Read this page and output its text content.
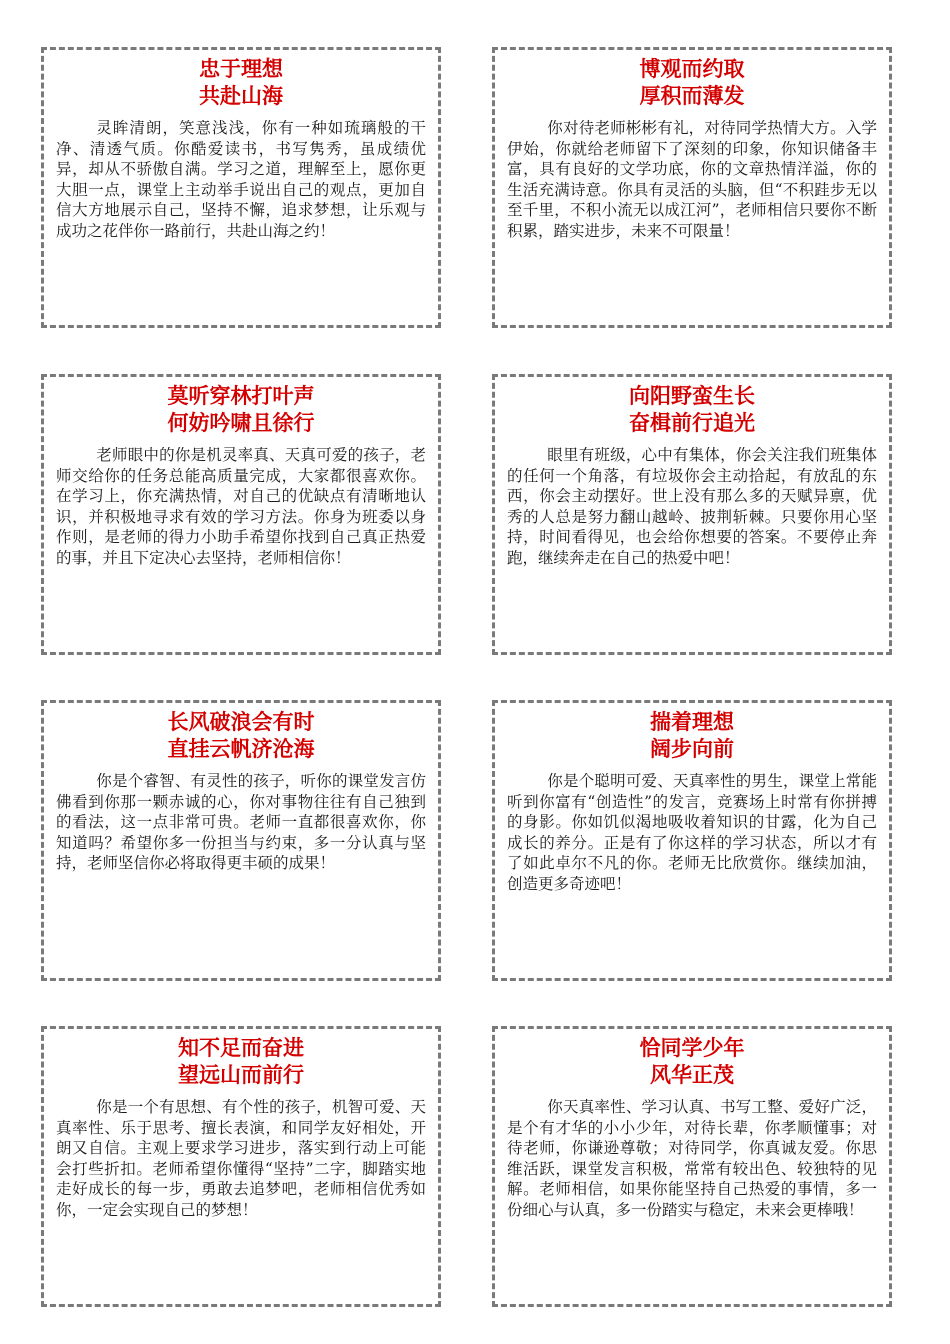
忠于理想
共赴山海

灵眸清朗，笑意浅浅，你有一种如琉璃般的干净、清透气质。你酷爱读书，书写隽秀，虽成绩优异，却从不骄傲自满。学习之道，理解至上，愿你更大胆一点，课堂上主动举手说出自己的观点，更加自信大方地展示自己，坚持不懈，追求梦想，让乐观与成功之花伴你一路前行，共赴山海之约！

博观而约取
厚积而薄发

你对待老师彬彬有礼，对待同学热情大方。入学伊始，你就给老师留下了深刻的印象，你知识储备丰富，具有良好的文学功底，你的文章热情洋溢，你的生活充满诗意。你具有灵活的头脑，但“不积跬步无以至千里，不积小流无以成江河”，老师相信只要你不断积累，踏实进步，未来不可限量！

莫听穿林打叶声
何妨吟啸且徐行

老师眼中的你是机灵率真、天真可爱的孩子，老师交给你的任务总能高质量完成，大家都很喜欢你。在学习上，你充满热情，对自己的优缺点有清晰地认识，并积极地寻求有效的学习方法。你身为班委以身作则，是老师的得力小助手希望你找到自己真正热爱的事，并且下定决心去坚持，老师相信你！

向阳野蛮生长
奋楫前行追光

眼里有班级，心中有集体，你会关注我们班集体的任何一个角落，有垃圾你会主动拾起，有放乱的东西，你会主动摆好。世上没有那么多的天赋异禀，优秀的人总是努力翻山越岭、披荆斩棘。只要你用心坚持，时间看得见，也会给你想要的答案。不要停止奔跑，继续奔走在自己的热爱中吧！

长风破浪会有时
直挂云帆济沧海

你是个睿智、有灵性的孩子，听你的课堂发言仿佛看到你那一颗赤诚的心，你对事物往往有自己独到的看法，这一点非常可贵。老师一直都很喜欢你，你知道吗？希望你多一份担当与约束，多一分认真与坚持，老师坚信你必将取得更丰硕的成果！

揣着理想
阔步向前

你是个聪明可爱、天真率性的男生，课堂上常能听到你富有“创造性”的发言，竞赛场上时常有你拼搏的身影。你如饥似渴地吸收着知识的甘露，化为自己成长的养分。正是有了你这样的学习状态，所以才有了如此卓尔不凡的你。老师无比欣赏你。继续加油，创造更多奇迹吧！

知不足而奋进
望远山而前行

你是一个有思想、有个性的孩子，机智可爱、天真率性、乐于思考、擅长表演，和同学友好相处，开朗又自信。主观上要求学习进步，落实到行动上可能会打些折扣。老师希望你懂得“坚持”二字，脚踏实地走好成长的每一步，勇敢去追梦吧，老师相信优秀如你，一定会实现自己的梦想！

恰同学少年
风华正茂

你天真率性、学习认真、书写工整、爱好广泛，是个有才华的小小少年，对待长辈，你孝顺懂事；对待老师，你谦逊尊敬；对待同学，你真诚友爱。你思维活跃，课堂发言积极，常常有较出色、较独特的见解。老师相信，如果你能坚持自己热爱的事情，多一份细心与认真，多一份踏实与稳定，未来会更棒哦！
